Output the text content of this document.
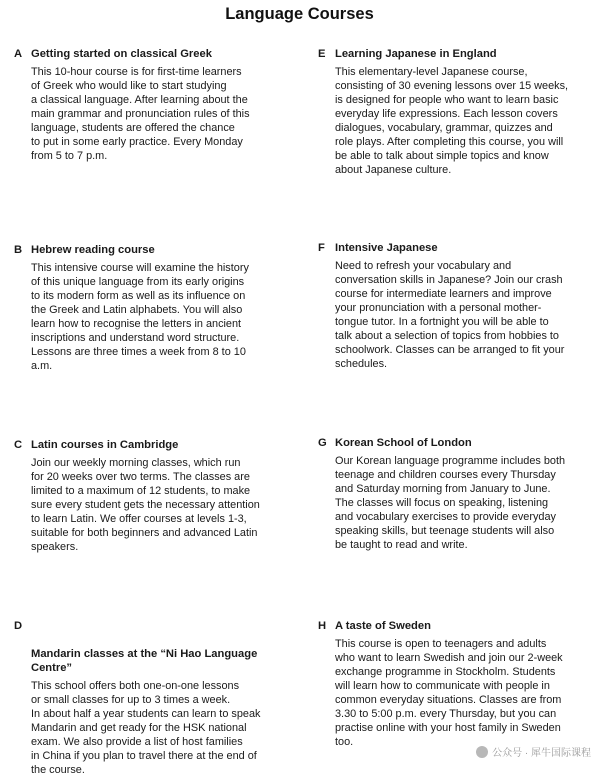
Language Courses
A Getting started on classical Greek
This 10-hour course is for first-time learners
of Greek who would like to start studying
a classical language. After learning about the
main grammar and pronunciation rules of this
language, students are offered the chance
to put in some early practice. Every Monday
from 5 to 7 p.m.
E Learning Japanese in England
This elementary-level Japanese course,
consisting of 30 evening lessons over 15 weeks,
is designed for people who want to learn basic
everyday life expressions. Each lesson covers
dialogues, vocabulary, grammar, quizzes and
role plays. After completing this course, you will
be able to talk about simple topics and know
about Japanese culture.
B Hebrew reading course
This intensive course will examine the history
of this unique language from its early origins
to its modern form as well as its influence on
the Greek and Latin alphabets. You will also
learn how to recognise the letters in ancient
inscriptions and understand word structure.
Lessons are three times a week from 8 to 10
a.m.
F Intensive Japanese
Need to refresh your vocabulary and
conversation skills in Japanese? Join our crash
course for intermediate learners and improve
your pronunciation with a personal mother-
tongue tutor. In a fortnight you will be able to
talk about a selection of topics from hobbies to
schoolwork. Classes can be arranged to fit your
schedules.
C Latin courses in Cambridge
Join our weekly morning classes, which run
for 20 weeks over two terms. The classes are
limited to a maximum of 12 students, to make
sure every student gets the necessary attention
to learn Latin. We offer courses at levels 1-3,
suitable for both beginners and advanced Latin
speakers.
G Korean School of London
Our Korean language programme includes both
teenage and children courses every Thursday
and Saturday morning from January to June.
The classes will focus on speaking, listening
and vocabulary exercises to provide everyday
speaking skills, but teenage students will also
be taught to read and write.

D

Mandarin classes at the “Ni Hao Language
Centre”

This school offers both one-on-one lessons
or small classes for up to 3 times a week.
In about half a year students can learn to speak
Mandarin and get ready for the HSK national
exam. We also provide a list of host families
in China if you plan to travel there at the end of
the course.
H A taste of Sweden
This course is open to teenagers and adults
who want to learn Swedish and join our 2-week
exchange programme in Stockholm. Students
will learn how to communicate with people in
common everyday situations. Classes are from
3.30 to 5:00 p.m. every Thursday, but you can
practise online with your host family in Sweden
too.
公众号 · 犀牛国际课程
